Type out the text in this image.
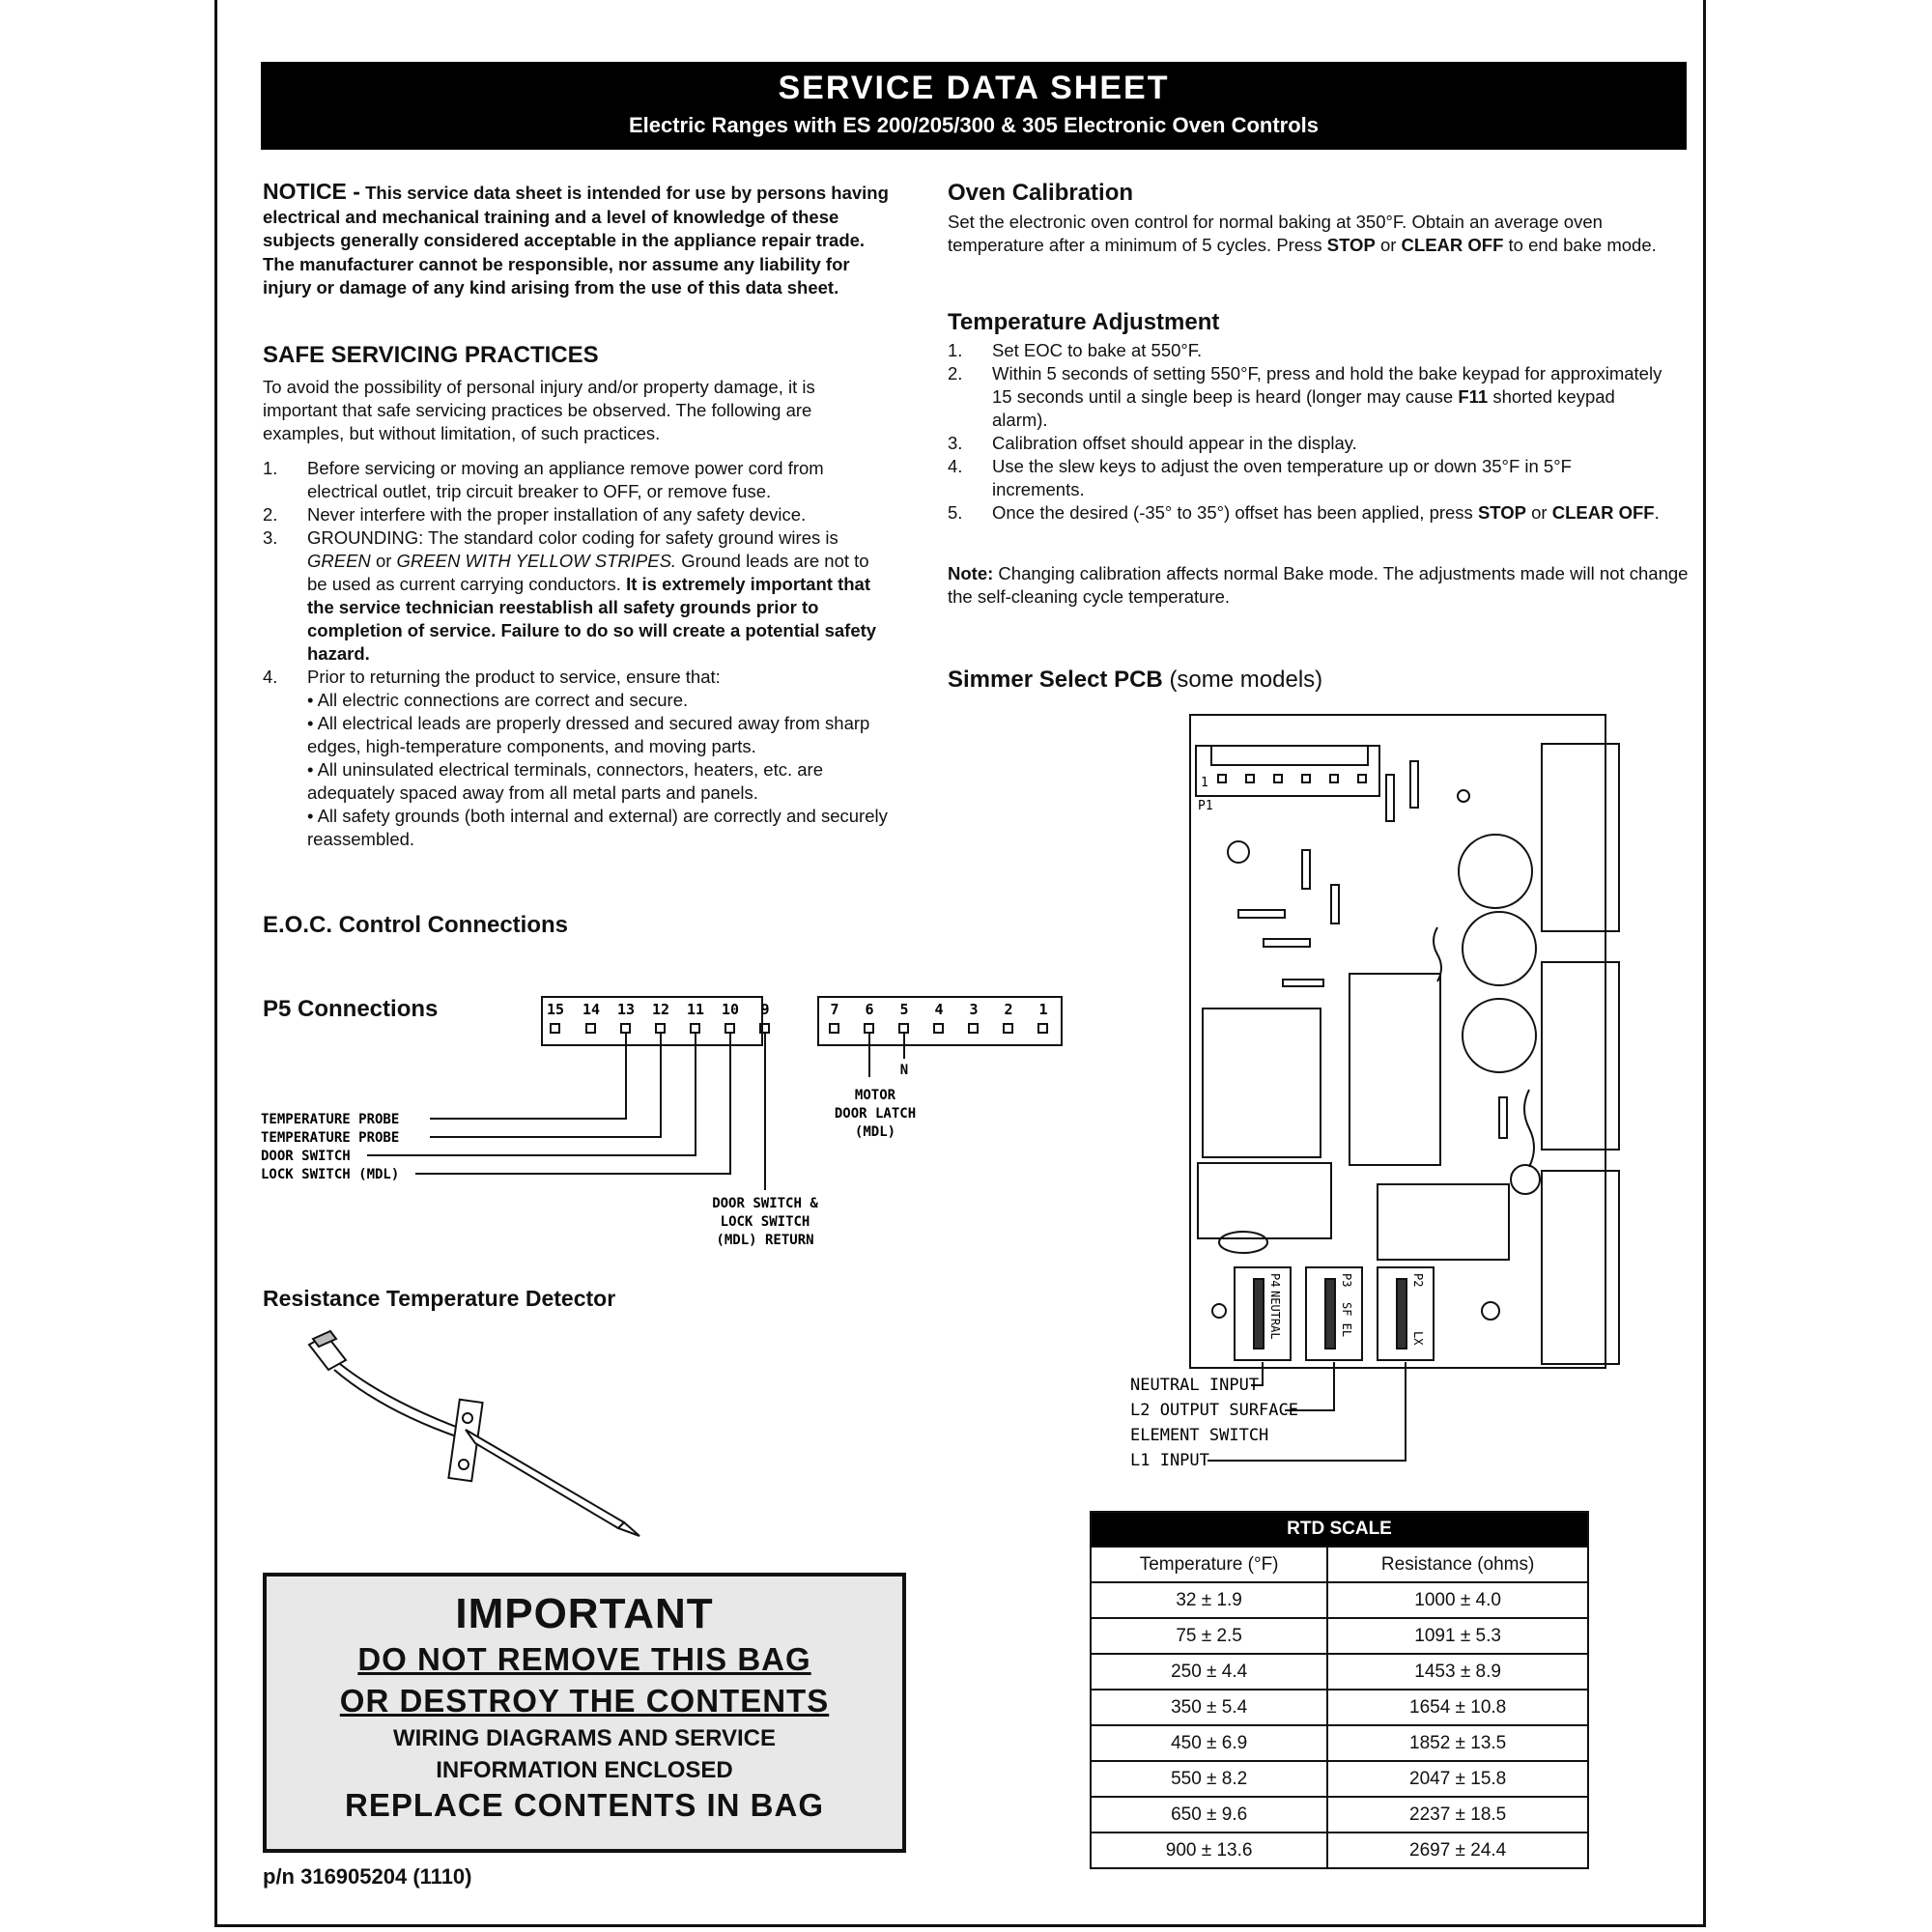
SERVICE DATA SHEET
Electric Ranges with ES 200/205/300 & 305 Electronic Oven Controls
NOTICE - This service data sheet is intended for use by persons having electrical and mechanical training and a level of knowledge of these subjects generally considered acceptable in the appliance repair trade. The manufacturer cannot be responsible, nor assume any liability for injury or damage of any kind arising from the use of this data sheet.
SAFE SERVICING PRACTICES
To avoid the possibility of personal injury and/or property damage, it is important that safe servicing practices be observed. The following are examples, but without limitation, of such practices.
1. Before servicing or moving an appliance remove power cord from electrical outlet, trip circuit breaker to OFF, or remove fuse.
2. Never interfere with the proper installation of any safety device.
3. GROUNDING: The standard color coding for safety ground wires is GREEN or GREEN WITH YELLOW STRIPES. Ground leads are not to be used as current carrying conductors. It is extremely important that the service technician reestablish all safety grounds prior to completion of service. Failure to do so will create a potential safety hazard.
4. Prior to returning the product to service, ensure that:
• All electric connections are correct and secure.
• All electrical leads are properly dressed and secured away from sharp edges, high-temperature components, and moving parts.
• All uninsulated electrical terminals, connectors, heaters, etc. are adequately spaced away from all metal parts and panels.
• All safety grounds (both internal and external) are correctly and securely reassembled.
E.O.C. Control Connections
P5 Connections	15 14 13 12 11 10 9	7 6 5 4 3 2 1
TEMPERATURE PROBE
TEMPERATURE PROBE
DOOR SWITCH
LOCK SWITCH (MDL)
DOOR SWITCH &
LOCK SWITCH
(MDL) RETURN
N
MOTOR
DOOR LATCH
(MDL)
Resistance Temperature Detector
IMPORTANT
DO NOT REMOVE THIS BAG
OR DESTROY THE CONTENTS
WIRING DIAGRAMS AND SERVICE
INFORMATION ENCLOSED
REPLACE CONTENTS IN BAG
p/n 316905204 (1110)
Oven Calibration
Set the electronic oven control for normal baking at 350°F. Obtain an average oven temperature after a minimum of 5 cycles. Press STOP or CLEAR OFF to end bake mode.
Temperature Adjustment
1. Set EOC to bake at 550°F.
2. Within 5 seconds of setting 550°F, press and hold the bake keypad for approximately 15 seconds until a single beep is heard (longer may cause F11 shorted keypad alarm).
3. Calibration offset should appear in the display.
4. Use the slew keys to adjust the oven temperature up or down 35°F in 5°F increments.
5. Once the desired (-35° to 35°) offset has been applied, press STOP or CLEAR OFF.
Note: Changing calibration affects normal Bake mode. The adjustments made will not change the self-cleaning cycle temperature.
Simmer Select PCB (some models)
P1
1
P4
NEUTRAL
P3
SF EL
P2
LX
NEUTRAL INPUT
L2 OUTPUT SURFACE
ELEMENT SWITCH
L1 INPUT
RTD SCALE	
Temperature (°F)	Resistance (ohms)
32 ± 1.9	1000 ± 4.0
75 ± 2.5	1091 ± 5.3
250 ± 4.4	1453 ± 8.9
350 ± 5.4	1654 ± 10.8
450 ± 6.9	1852 ± 13.5
550 ± 8.2	2047 ± 15.8
650 ± 9.6	2237 ± 18.5
900 ± 13.6	2697 ± 24.4
